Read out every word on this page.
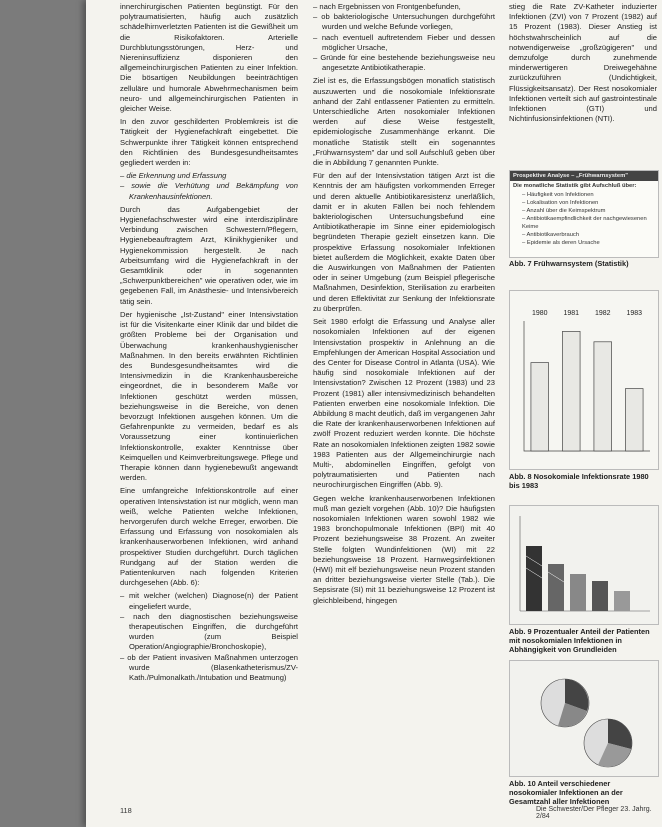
innerchirurgischen Patienten begünstigt. Für den polytraumatisierten, häufig auch zusätzlich schädelhirnverletzten Patienten ist die Gewißheit um die Risikofaktoren. Arterielle Durchblutungsstörungen, Herz- und Niereninsuffizienz disponieren den allgemeinchirurgischen Patienten zu einer Infektion. Die bösartigen Neubildungen beeinträchtigen zelluläre und humorale Abwehrmechanismen beim neuro- und allgemeinchirurgischen Patienten in gleicher Weise.

In den zuvor geschilderten Problemkreis ist die Tätigkeit der Hygienefachkraft eingebettet. Die Schwerpunkte ihrer Tätigkeit können entsprechend den Richtlinien des Bundesgesundheitsamtes gegliedert werden in:

– die Erkennung und Erfassung
– sowie die Verhütung und Bekämpfung von Krankenhausinfektionen.

Durch das Aufgabengebiet der Hygienefachschwester wird eine interdisziplinäre Verbindung zwischen Schwestern/Pflegern, Hygienebeauftragtem Arzt, Klinikhygieniker und Hygienekommission hergestellt. Je nach Arbeitsumfang wird die Hygienefachkraft in der Gesamtklinik oder in sogenannten „Schwerpunktbereichen" wie operativen oder, wie im gegebenen Fall, im Anästhesie- und Intensivbereich tätig sein.

Der hygienische „Ist-Zustand" einer Intensivstation ist für die Visitenkarte einer Klinik dar und bildet die größten Probleme bei der Organisation und Überwachung krankenhaushygienischer Maßnahmen. In den bereits erwähnten Richtlinien des Bundesgesundheitsamtes wird die Intensivmedizin in die Krankenhausbereiche eingeordnet, die in besonderem Maße vor Infektionen geschützt werden müssen, beziehungsweise in die Bereiche, von denen bevorzugt Infektionen ausgehen können. Um die Gefahrenpunkte zu vermeiden, bedarf es als Voraussetzung einer kontinuierlichen Infektionskontrolle, exakter Kenntnisse über Keimquellen und Keimverbreitungswege. Pflege und Therapie können dann hygienebewußt angewandt werden.

Eine umfangreiche Infektionskontrolle auf einer operativen Intensivstation ist nur möglich, wenn man weiß, welche Patienten welche Infektionen, hervorgerufen durch welche Erreger, erworben. Die Erfassung und Erfassung von nosokomialen als krankenhauserworbenen Infektionen, wird anhand prospektiver Studien durchgeführt. Durch täglichen Rundgang auf der Station werden die Patientenkurven nach folgenden Kriterien durchgesehen (Abb. 6):

– mit welcher (welchen) Diagnose(n) der Patient eingeliefert wurde,
– nach den diagnostischen beziehungsweise therapeutischen Eingriffen, die durchgeführt wurden (zum Beispiel Operation/Angiographie/Bronchoskopie),
– ob der Patient invasiven Maßnahmen unterzogen wurde (Blasenkatheterismus/ZV-Kath./Pulmonalkath./Intubation und Beatmung)
– nach Ergebnissen von Frontgenbefunden,
– ob bakteriologische Untersuchungen durchgeführt wurden und welche Befunde vorliegen,
– nach eventuell auftretendem Fieber und dessen möglicher Ursache,
– Gründe für eine bestehende beziehungsweise neu angesetzte Antibiotikatherapie.

Ziel ist es, die Erfassungsbögen monatlich statistisch auszuwerten und die nosokomiale Infektionsrate anhand der Zahl entlassener Patienten zu ermitteln. Unterschiedliche Arten nosokomialer Infektionen werden auf diese Weise festgestellt, epidemiologische Zusammenhänge erkannt. Die monatliche Statistik stellt ein sogenanntes „Frühwarnsystem" dar und soll Aufschluß geben über die in Abbildung 7 genannten Punkte.

Für den auf der Intensivstation tätigen Arzt ist die Kenntnis der am häufigsten vorkommenden Erreger und deren aktuelle Antibiotikaresistenz unerläßlich, damit er in akuten Fällen bei noch fehlendem bakteriologischen Untersuchungsbefund eine Antibiotikatherapie im Sinne einer epidemiologisch begründeten Therapie gezielt einsetzen kann. Die prospektive Erfassung nosokomialer Infektionen bietet außerdem die Möglichkeit, exakte Daten über die Auswirkungen von Maßnahmen der Patienten oder in seiner Umgebung (zum Beispiel pflegerische Maßnahmen, Desinfektion, Sterilisation zu erarbeiten und deren Effektivität zur Senkung der Infektionsrate zu überprüfen.

Seit 1980 erfolgt die Erfassung und Analyse aller nosokomialen Infektionen auf der eigenen Intensivstation prospektiv in Anlehnung an die Empfehlungen der American Hospital Association und des Center for Disease Control in Atlanta (USA). Wie häufig sind nosokomiale Infektionen auf der Intensivstation? Zwischen 12 Prozent (1983) und 23 Prozent (1981) aller intensivmedizinisch behandelten Patienten erwerben eine nosokomiale Infektion. Die Abbildung 8 macht deutlich, daß im vergangenen Jahr die Rate der krankenhauserworbenen Infektionen auf zwölf Prozent reduziert werden konnte. Die höchste Rate an nosokomialen Infektionen zeigten 1982 sowie 1983 Patienten aus der Allgemeinchirurgie nach Multi-, abdominellen Eingriffen, gefolgt von polytraumatisierten und Patienten nach neurochirurgischen Eingriffen (Abb. 9).

Gegen welche krankenhauserworbenen Infektionen muß man gezielt vorgehen (Abb. 10)? Die häufigsten nosokomialen Infektionen waren sowohl 1982 wie 1983 bronchopulmonale Infektionen (BPI) mit 40 Prozent beziehungsweise 38 Prozent. An zweiter Stelle folgten Wundinfektionen (WI) mit 22 beziehungsweise 18 Prozent. Harnwegsinfektionen (HWI) mit elf beziehungsweise neun Prozent standen an dritter beziehungsweise vierter Stelle (Tab.). Die Sepsisrate (SI) mit 11 beziehungsweise 12 Prozent ist gleichbleibend, hingegen

stieg die Rate ZV-Katheter induzierter Infektionen (ZVI) von 7 Prozent (1982) auf 15 Prozent (1983). Dieser Anstieg ist höchstwahrscheinlich auf die notwendigerweise „großzügigeren" und demzufolge durch zunehmende minderwertigeren Dreiwegehähne zurückzuführen (Undichtigkeit, Flüssigkeitsansatz). Der Rest nosokomialer Infektionen verteilt sich auf gastrointestinale Infektionen (GTI) und Nichtinfusionsinfektionen (NTI).

Prospektive Analyse – „Frühwarnsystem"
Die monatliche Statistik gibt Aufschluß über:
– Häufigkeit von Infektionen
– Lokalisation von Infektionen
– Anzahl über die Keimspektrum
– Antibiotikaempfindlichkeit der nachgewiesenen Keime
– Antibiotikaverbrauch
– Epidemie als deren Ursache
Abb. 7 Frühwarnsystem (Statistik)
1980 1981 1982 1983
Abb. 8 Nosokomiale Infektionsrate 1980 bis 1983
Abb. 9 Prozentualer Anteil der Patienten mit nosokomialen Infektionen in Abhängigkeit von Grundleiden
Abb. 10 Anteil verschiedener nosokomialer Infektionen an der Gesamtzahl aller Infektionen
118	Die Schwester/Der Pfleger 23. Jahrg. 2/84
